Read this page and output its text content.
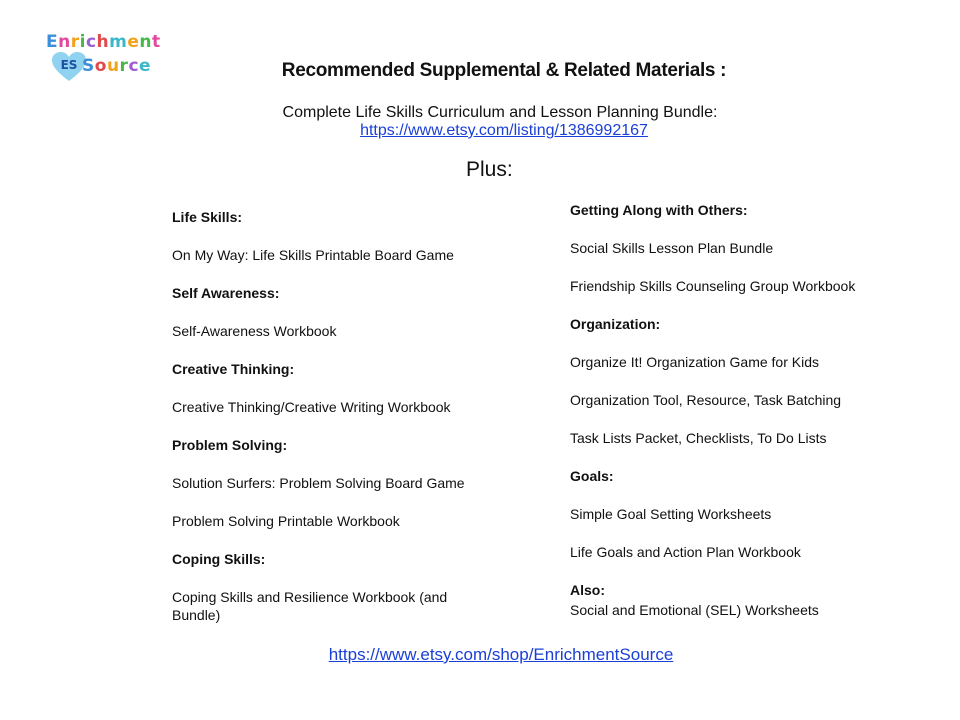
Enrichment
ES Source	Recommended Supplemental & Related Materials :
Complete Life Skills Curriculum and Lesson Planning Bundle:
https://www.etsy.com/listing/1386992167
Plus:
Life Skills:
On My Way: Life Skills Printable Board Game
Self Awareness:
Self-Awareness Workbook
Creative Thinking:
Creative Thinking/Creative Writing Workbook
Problem Solving:
Solution Surfers: Problem Solving Board Game
Problem Solving Printable Workbook
Coping Skills:
Coping Skills and Resilience Workbook (and Bundle)
Getting Along with Others:
Social Skills Lesson Plan Bundle
Friendship Skills Counseling Group Workbook
Organization:
Organize It! Organization Game for Kids
Organization Tool, Resource, Task Batching
Task Lists Packet, Checklists, To Do Lists
Goals:
Simple Goal Setting Worksheets
Life Goals and Action Plan Workbook
Also:
Social and Emotional (SEL) Worksheets
https://www.etsy.com/shop/EnrichmentSource
